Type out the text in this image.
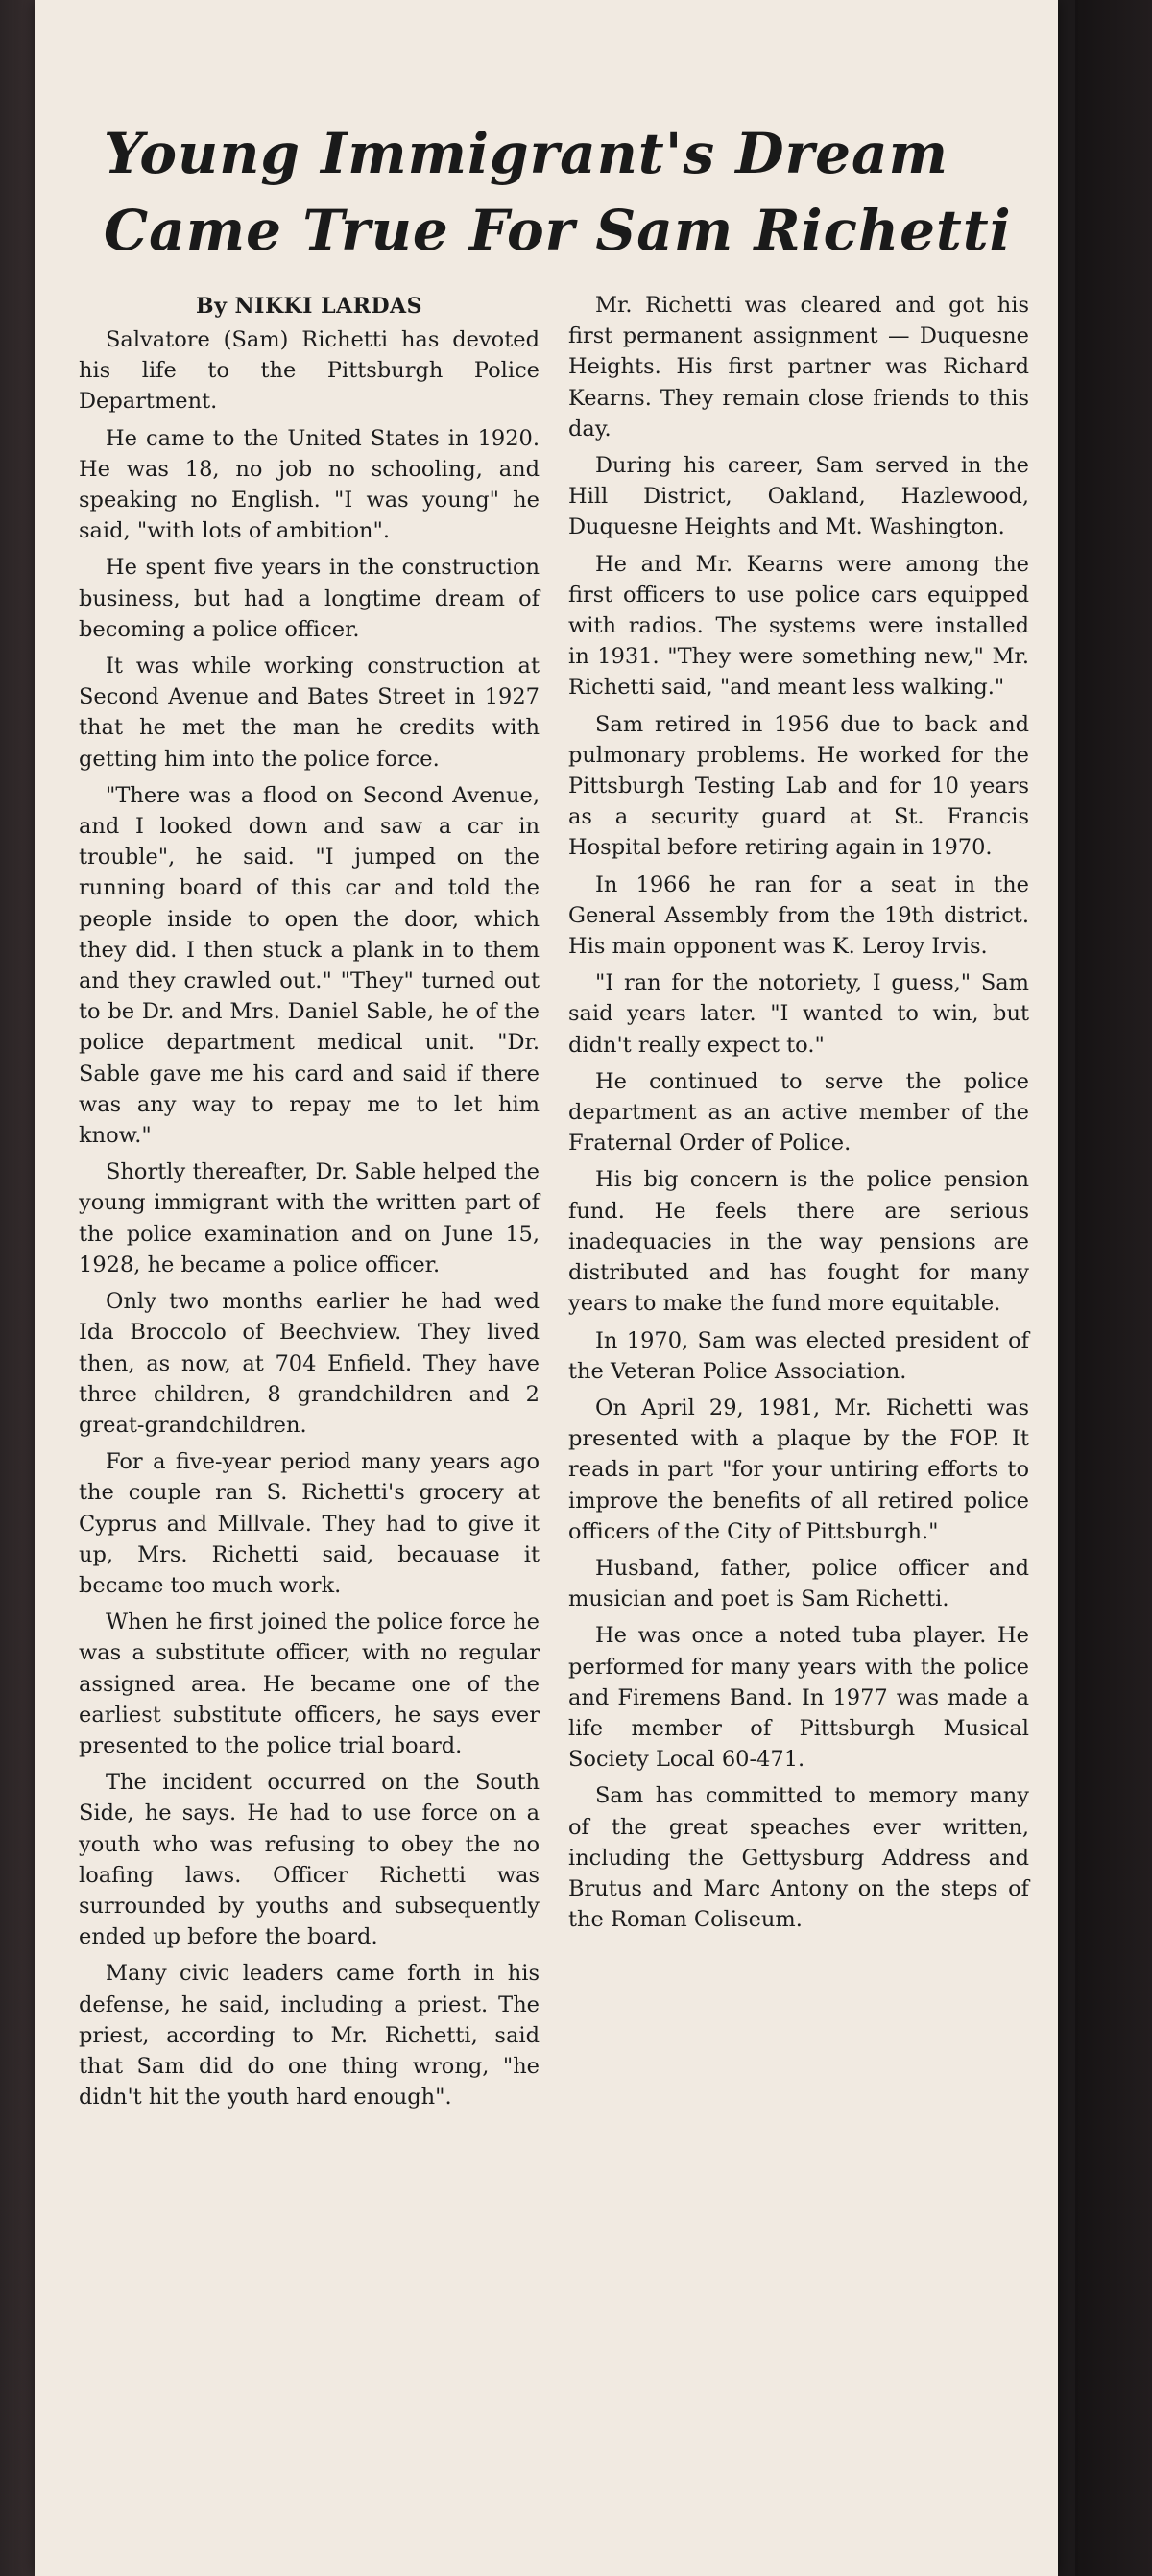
Young Immigrant's Dream
Came True For Sam Richetti
By NIKKI LARDAS

Salvatore (Sam) Richetti has devoted his life to the Pittsburgh Police Department.

He came to the United States in 1920. He was 18, no job no schooling, and speaking no English. "I was young" he said, "with lots of ambition".

He spent five years in the construction business, but had a longtime dream of becoming a police officer.

It was while working construction at Second Avenue and Bates Street in 1927 that he met the man he credits with getting him into the police force.

"There was a flood on Second Avenue, and I looked down and saw a car in trouble", he said. "I jumped on the running board of this car and told the people inside to open the door, which they did. I then stuck a plank in to them and they crawled out." "They" turned out to be Dr. and Mrs. Daniel Sable, he of the police department medical unit. "Dr. Sable gave me his card and said if there was any way to repay me to let him know."

Shortly thereafter, Dr. Sable helped the young immigrant with the written part of the police examination and on June 15, 1928, he became a police officer.

Only two months earlier he had wed Ida Broccolo of Beechview. They lived then, as now, at 704 Enfield. They have three children, 8 grandchildren and 2 great-grandchildren.

For a five-year period many years ago the couple ran S. Richetti's grocery at Cyprus and Millvale. They had to give it up, Mrs. Richetti said, becauase it became too much work.

When he first joined the police force he was a substitute officer, with no regular assigned area. He became one of the earliest substitute officers, he says ever presented to the police trial board.

The incident occurred on the South Side, he says. He had to use force on a youth who was refusing to obey the no loafing laws. Officer Richetti was surrounded by youths and subsequently ended up before the board.

Many civic leaders came forth in his defense, he said, including a priest. The priest, according to Mr. Richetti, said that Sam did do one thing wrong, "he didn't hit the youth hard enough".

Mr. Richetti was cleared and got his first permanent assignment — Duquesne Heights. His first partner was Richard Kearns. They remain close friends to this day.

During his career, Sam served in the Hill District, Oakland, Hazlewood, Duquesne Heights and Mt. Washington.

He and Mr. Kearns were among the first officers to use police cars equipped with radios. The systems were installed in 1931. "They were something new," Mr. Richetti said, "and meant less walking."

Sam retired in 1956 due to back and pulmonary problems. He worked for the Pittsburgh Testing Lab and for 10 years as a security guard at St. Francis Hospital before retiring again in 1970.

In 1966 he ran for a seat in the General Assembly from the 19th district. His main opponent was K. Leroy Irvis.

"I ran for the notoriety, I guess," Sam said years later. "I wanted to win, but didn't really expect to."

He continued to serve the police department as an active member of the Fraternal Order of Police.

His big concern is the police pension fund. He feels there are serious inadequacies in the way pensions are distributed and has fought for many years to make the fund more equitable.

In 1970, Sam was elected president of the Veteran Police Association.

On April 29, 1981, Mr. Richetti was presented with a plaque by the FOP. It reads in part "for your untiring efforts to improve the benefits of all retired police officers of the City of Pittsburgh."

Husband, father, police officer and musician and poet is Sam Richetti.

He was once a noted tuba player. He performed for many years with the police and Firemens Band. In 1977 was made a life member of Pittsburgh Musical Society Local 60-471.

Sam has committed to memory many of the great speaches ever written, including the Gettysburg Address and Brutus and Marc Antony on the steps of the Roman Coliseum.
